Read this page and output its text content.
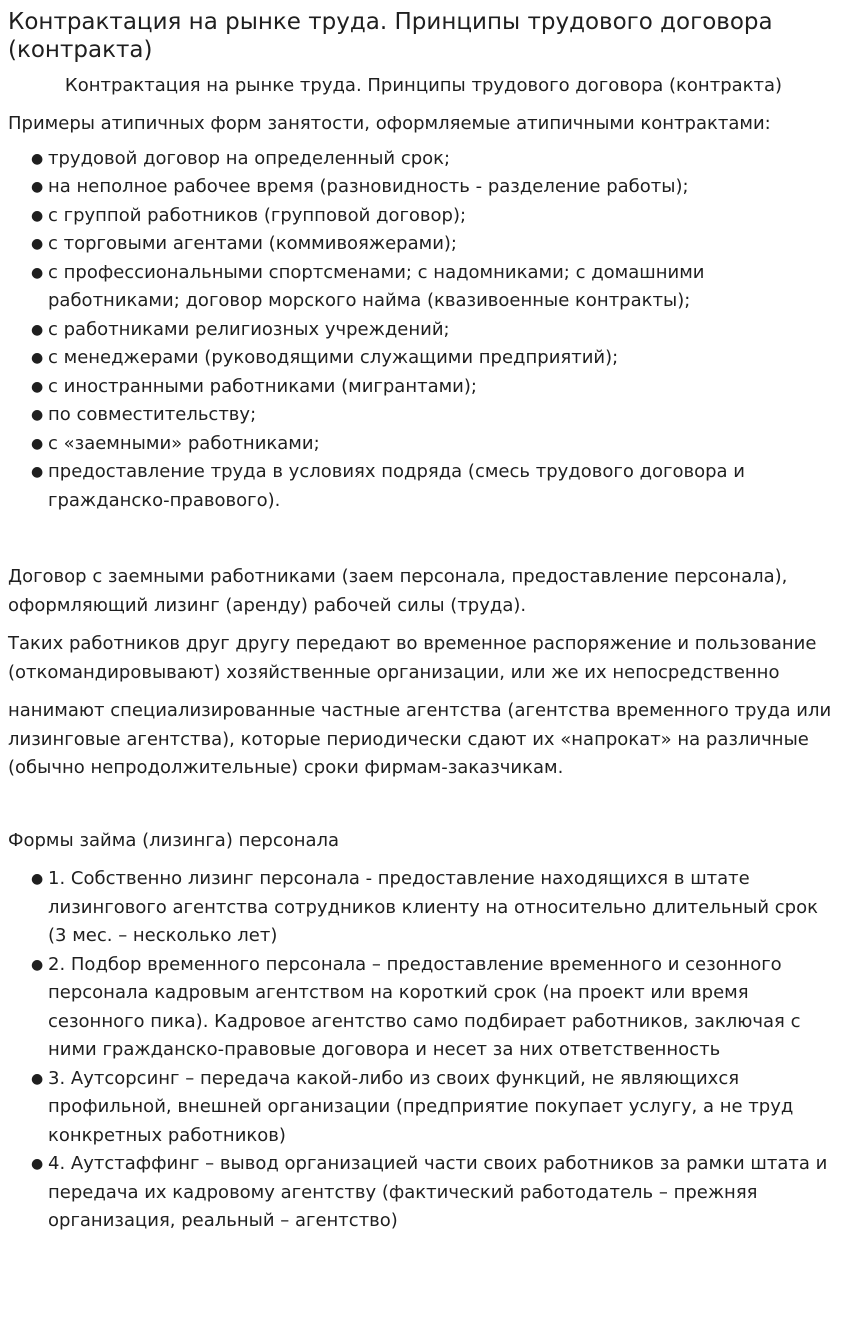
Контрактация на рынке труда. Принципы трудового договора (контракта)
Контрактация на рынке труда. Принципы трудового договора (контракта)

Примеры атипичных форм занятости, оформляемые атипичными контрактами:

● трудовой договор на определенный срок;
● на неполное рабочее время (разновидность - разделение работы);
● с группой работников (групповой договор);
● с торговыми агентами (коммивояжерами);
● с профессиональными спортсменами; с надомниками; с домашними работниками; договор морского найма (квазивоенные контракты);
● с работниками религиозных учреждений;
● с менеджерами (руководящими служащими предприятий);
● с иностранными работниками (мигрантами);
● по совместительству;
● с «заемными» работниками;
● предоставление труда в условиях подряда (смесь трудового договора и гражданско-правового).

Договор с заемными работниками (заем персонала, предоставление персонала), оформляющий лизинг (аренду) рабочей силы (труда).

Таких работников друг другу передают во временное распоряжение и пользование (откомандировывают) хозяйственные организации, или же их непосредственно

нанимают специализированные частные агентства (агентства временного труда или лизинговые агентства), которые периодически сдают их «напрокат» на различные (обычно непродолжительные) сроки фирмам-заказчикам.

Формы займа (лизинга) персонала

● 1. Собственно лизинг персонала - предоставление находящихся в штате лизингового агентства сотрудников клиенту на относительно длительный срок (3 мес. – несколько лет)
● 2. Подбор временного персонала – предоставление временного и сезонного персонала кадровым агентством на короткий срок (на проект или время сезонного пика). Кадровое агентство само подбирает работников, заключая с ними гражданско-правовые договора и несет за них ответственность
● 3. Аутсорсинг – передача какой-либо из своих функций, не являющихся профильной, внешней организации (предприятие покупает услугу, а не труд конкретных работников)
● 4. Аутстаффинг – вывод организацией части своих работников за рамки штата и передача их кадровому агентству (фактический работодатель – прежняя организация, реальный – агентство)
